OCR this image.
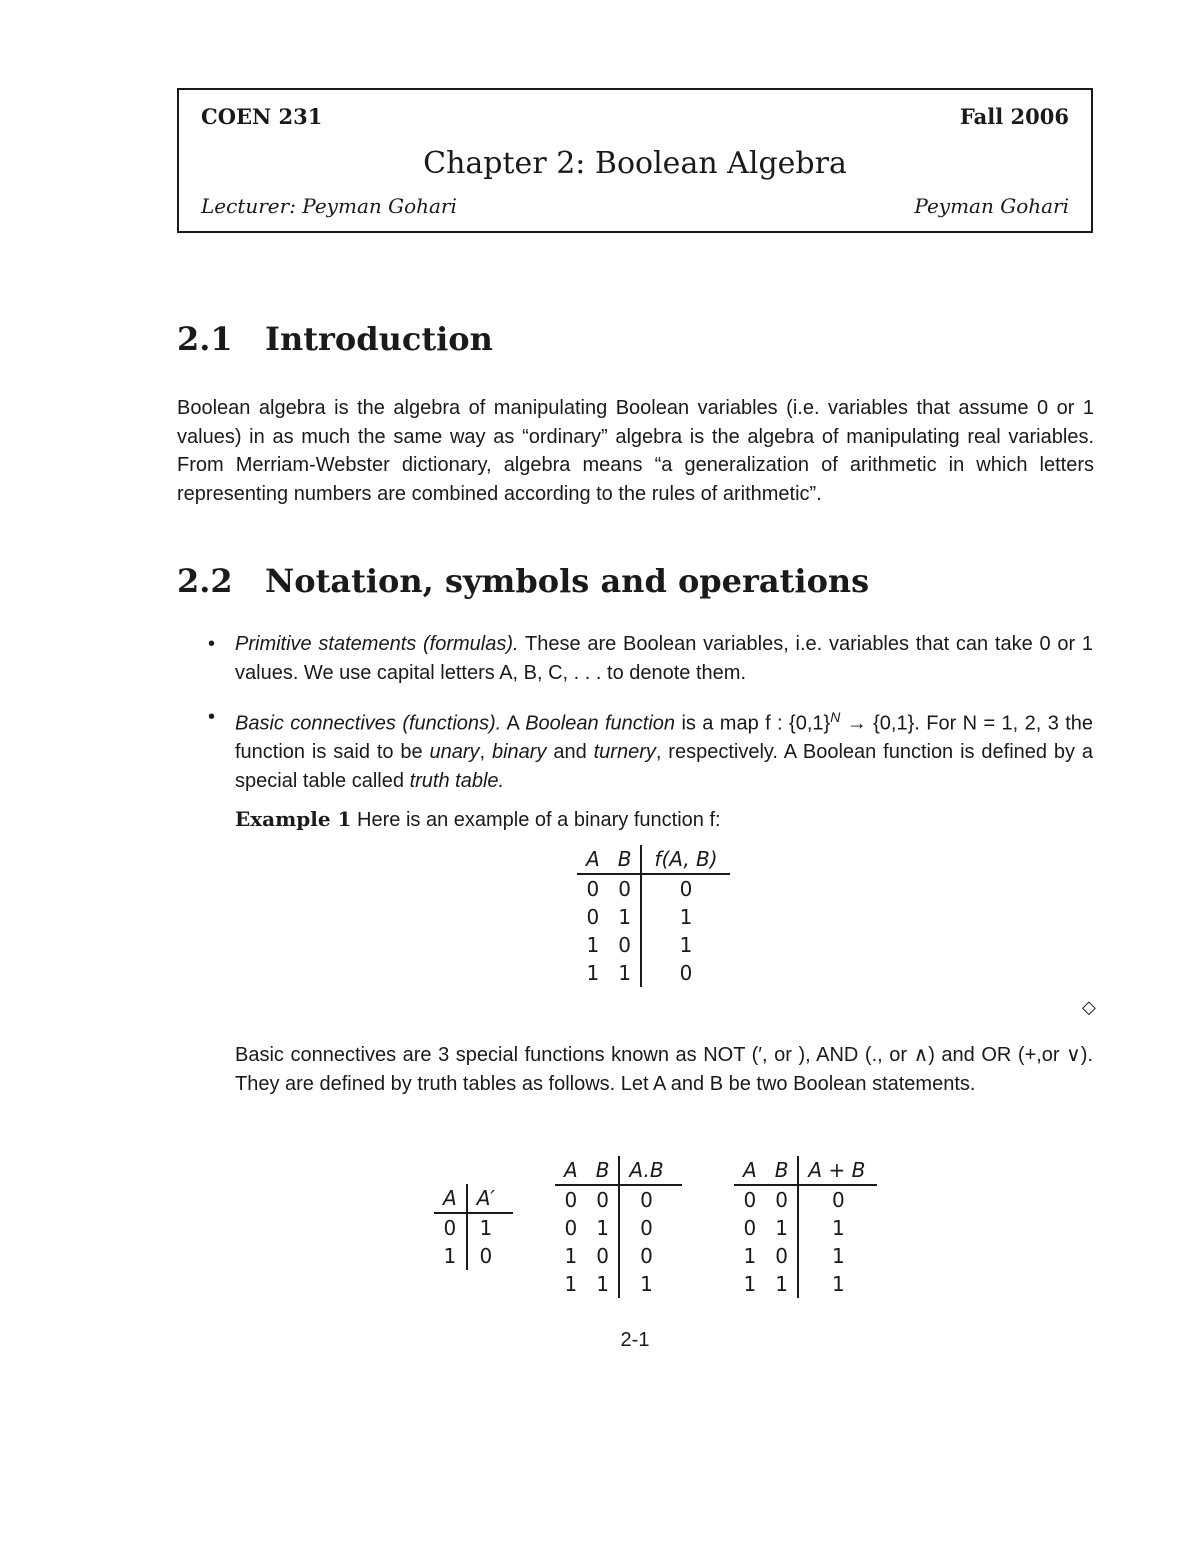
COEN 231	Fall 2006
Chapter 2: Boolean Algebra
Lecturer: Peyman Gohari	Peyman Gohari
2.1 Introduction
Boolean algebra is the algebra of manipulating Boolean variables (i.e. variables that assume 0 or 1 values) in as much the same way as “ordinary” algebra is the algebra of manipulating real variables. From Merriam-Webster dictionary, algebra means “a generalization of arithmetic in which letters representing numbers are combined according to the rules of arithmetic”.
2.2 Notation, symbols and operations
• Primitive statements (formulas). These are Boolean variables, i.e. variables that can take 0 or 1 values. We use capital letters A, B, C, . . . to denote them.
• Basic connectives (functions). A Boolean function is a map f : $\{0,1\}^N \to \{0,1\}$. For N = 1, 2, 3 the function is said to be unary, binary and turnery, respectively. A Boolean function is defined by a special table called truth table.
Example 1 Here is an example of a binary function f:
A	B	f(A, B)
0	0	0
0	1	1
1	0	1
1	1	0
◇
Basic connectives are 3 special functions known as NOT (′, or ), AND (., or ∧) and OR (+,or ∨). They are defined by truth tables as follows. Let A and B be two Boolean statements.
A	A′
0	1
1	0
A	B	A.B
0	0	0
0	1	0
1	0	0
1	1	1
A	B	A + B
0	0	0
0	1	1
1	0	1
1	1	1
2-1
